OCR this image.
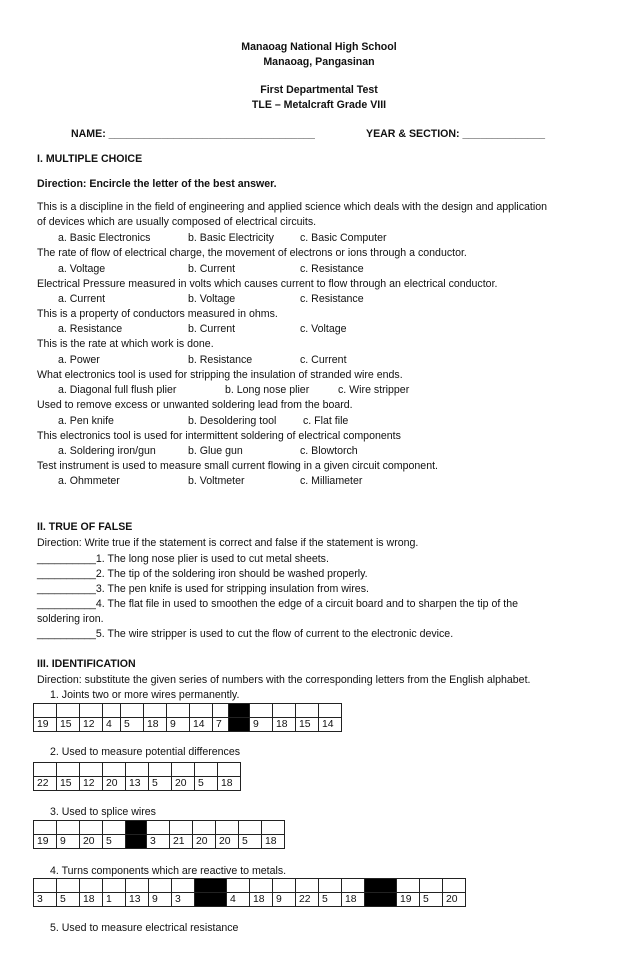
Manaoag National High School
Manaoag, Pangasinan
First Departmental Test
TLE – Metalcraft Grade VIII
NAME: ___________________________________	YEAR & SECTION: ______________
I. MULTIPLE CHOICE
Direction: Encircle the letter of the best answer.
This is a discipline in the field of engineering and applied science which deals with the design and application
of devices which are usually composed of electrical circuits.
a. Basic Electronics	b. Basic Electricity c. Basic Computer
The rate of flow of electrical charge, the movement of electrons or ions through a conductor.
a. Voltage	b. Current	c. Resistance
Electrical Pressure measured in volts which causes current to flow through an electrical conductor.
a. Current	b. Voltage	c. Resistance
This is a property of conductors measured in ohms.
a. Resistance	b. Current	c. Voltage
This is the rate at which work is done.
a. Power	b. Resistance	c. Current
What electronics tool is used for stripping the insulation of stranded wire ends.
a. Diagonal full flush plier	b. Long nose plier	c. Wire stripper
Used to remove excess or unwanted soldering lead from the board.
a. Pen knife	b. Desoldering tool	c. Flat file
This electronics tool is used for intermittent soldering of electrical components
a. Soldering iron/gun	b. Glue gun	c. Blowtorch
Test instrument is used to measure small current flowing in a given circuit component.
a. Ohmmeter	b. Voltmeter	c. Milliameter
II. TRUE OF FALSE
Direction: Write true if the statement is correct and false if the statement is wrong.
__________1. The long nose plier is used to cut metal sheets.
__________2. The tip of the soldering iron should be washed properly.
__________3. The pen knife is used for stripping insulation from wires.
__________4. The flat file in used to smoothen the edge of a circuit board and to sharpen the tip of the
soldering iron.
__________5. The wire stripper is used to cut the flow of current to the electronic device.
III. IDENTIFICATION
Direction: substitute the given series of numbers with the corresponding letters from the English alphabet.
1. Joints two or more wires permanently.

19	15	12	4	5	18	9	14	7		9	18	15	14
2. Used to measure potential differences

22	15	12	20	13	5	20	5	18
3. Used to splice wires

19	9	20	5		3	21	20	20	5	18
4. Turns components which are reactive to metals.

3	5	18	1	13	9	3		4	18	9	22	5	18		19	5	20
5. Used to measure electrical resistance
